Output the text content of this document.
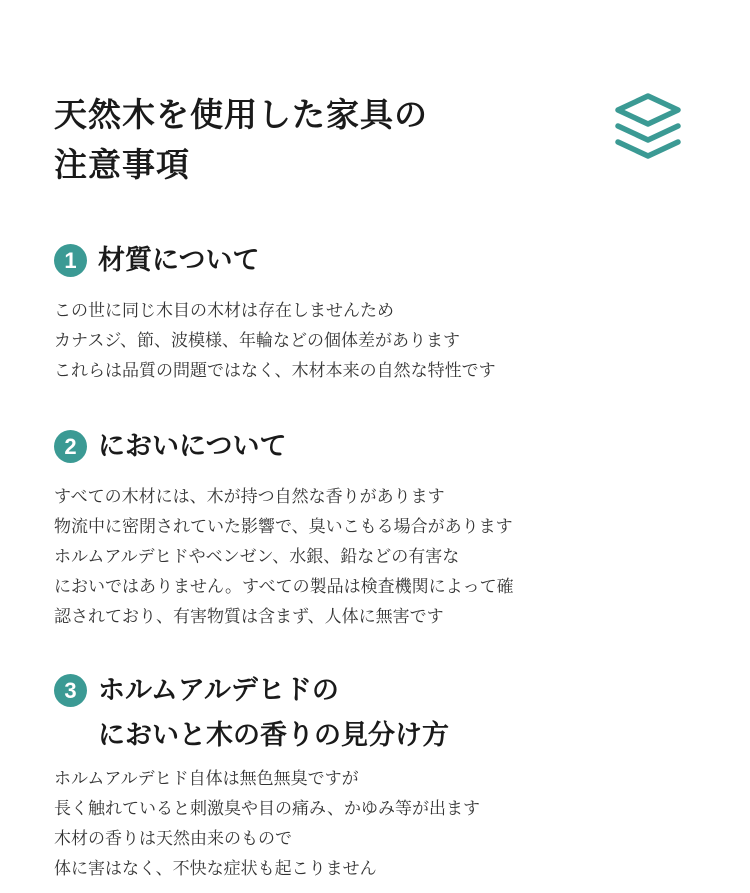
天然木を使用した家具の
注意事項
1 材質について

この世に同じ木目の木材は存在しませんため

カナスジ、節、波模様、年輪などの個体差があります

これらは品質の問題ではなく、木材本来の自然な特性です

2 においについて

すべての木材には、木が持つ自然な香りがあります

物流中に密閉されていた影響で、臭いこもる場合があります

ホルムアルデヒドやベンゼン、水銀、鉛などの有害な

においではありません。すべての製品は検査機関によって確

認されており、有害物質は含まず、人体に無害です

3 ホルムアルデヒドの
においと木の香りの見分け方

ホルムアルデヒド自体は無色無臭ですが

長く触れていると刺激臭や目の痛み、かゆみ等が出ます

木材の香りは天然由来のもので

体に害はなく、不快な症状も起こりません
